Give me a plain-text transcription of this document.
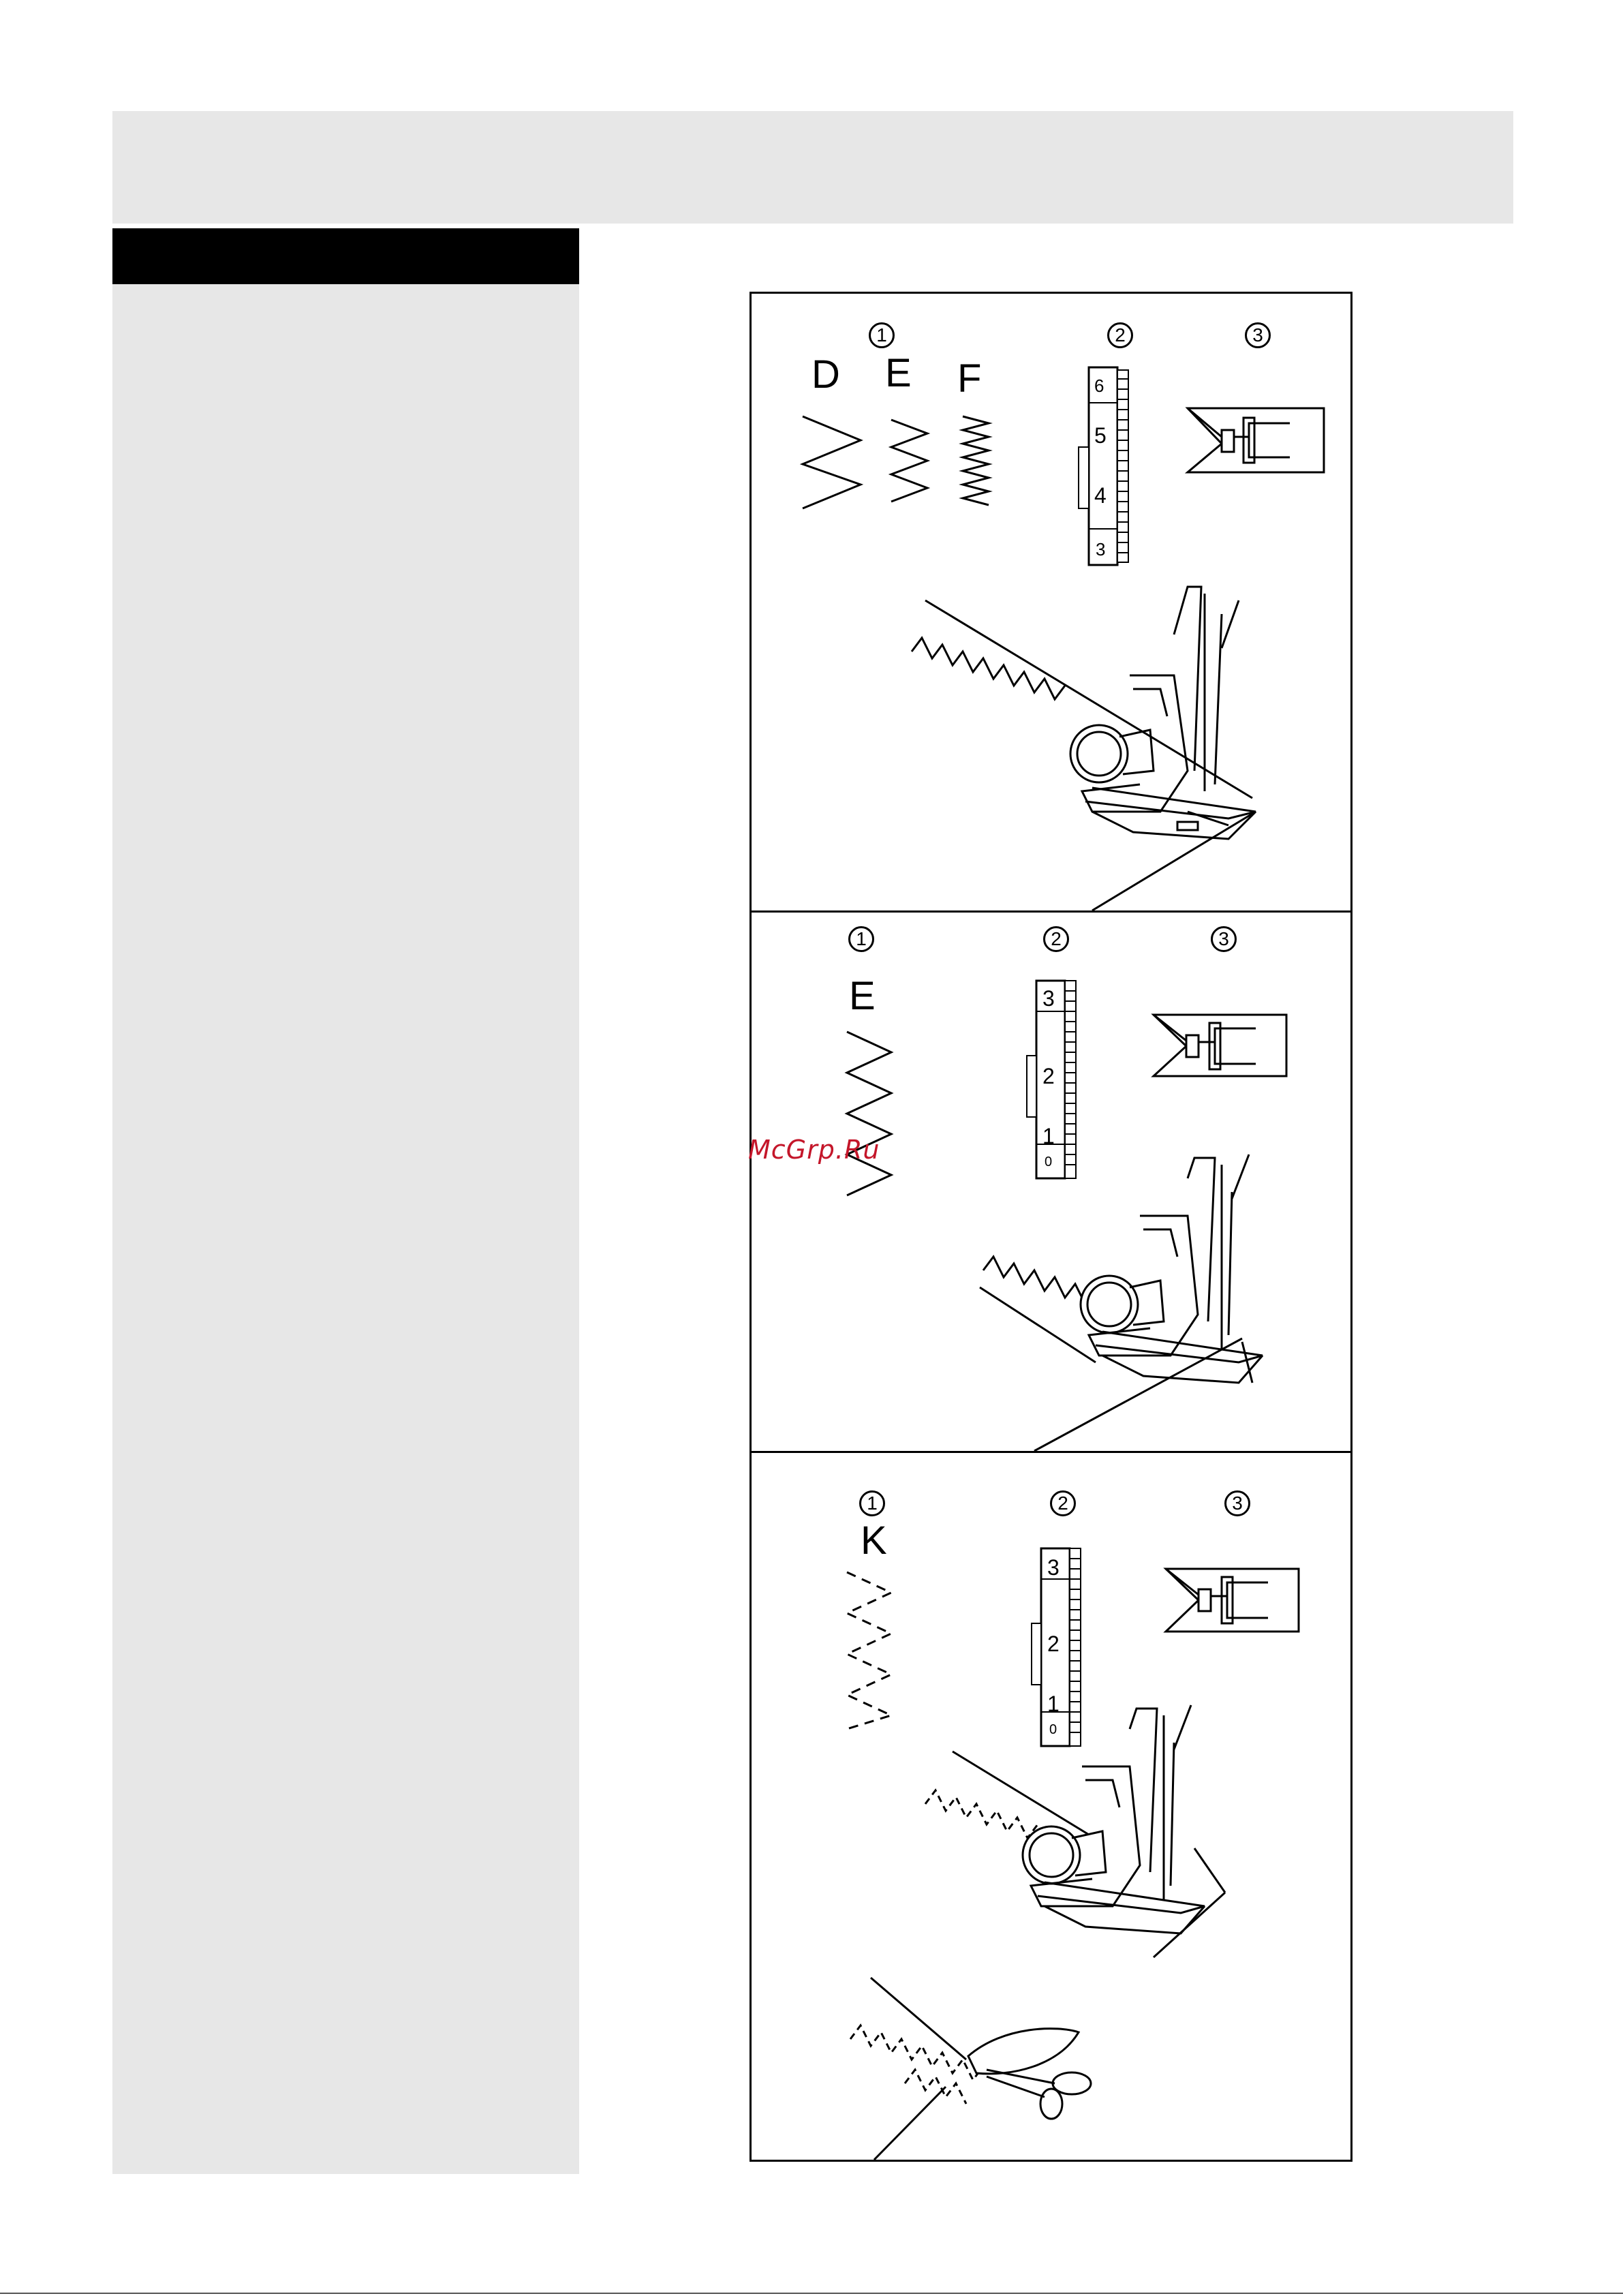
1	2	3
D E F	6
5
4
3
1	2	3
E	3
2
1
0
1	2	3
K
3
2
1
0
McGrp.Ru
